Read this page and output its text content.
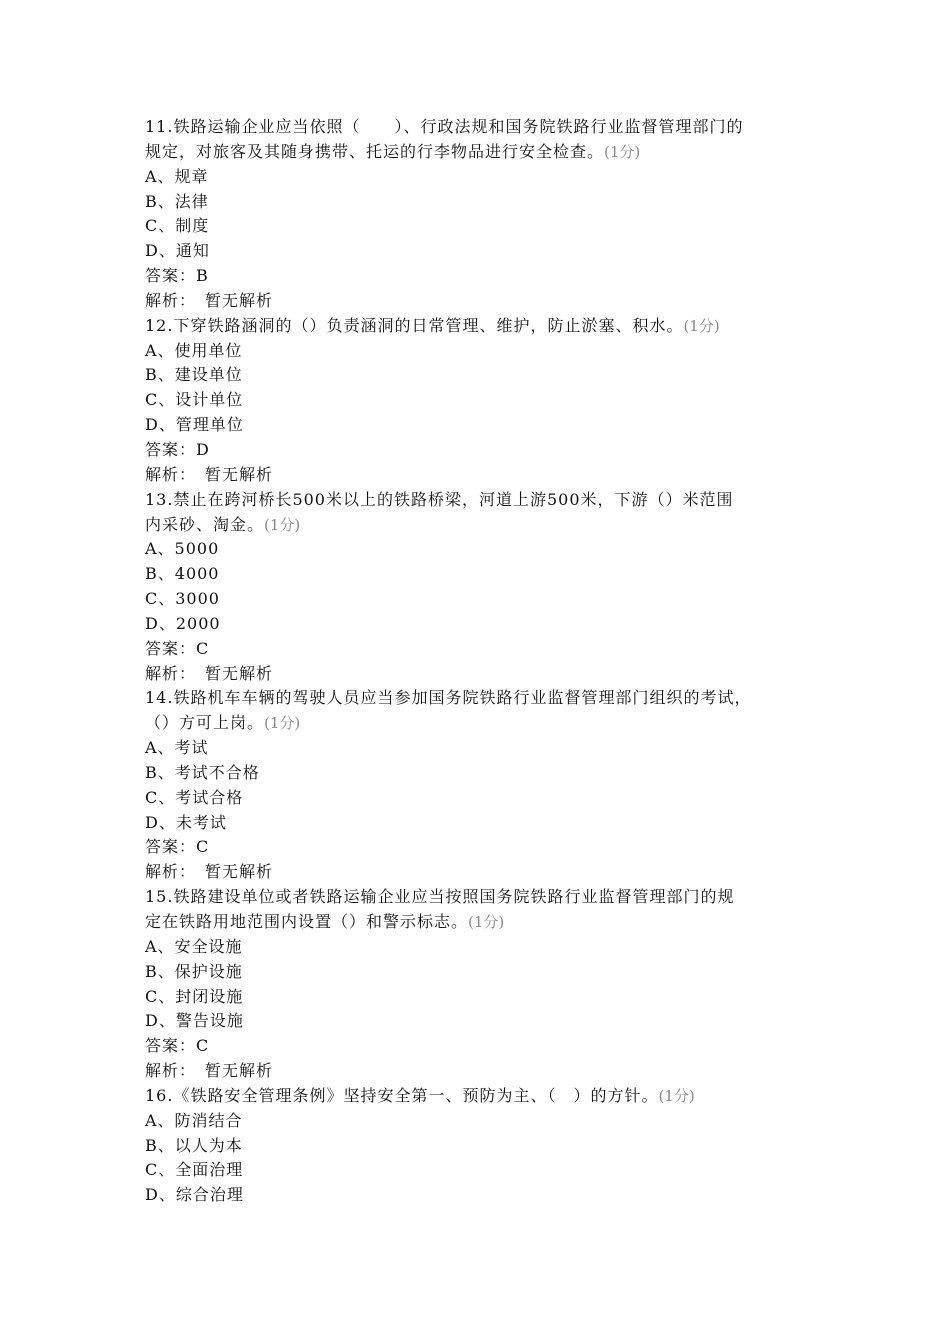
11.铁路运输企业应当依照（　　）、行政法规和国务院铁路行业监督管理部门的
规定，对旅客及其随身携带、托运的行李物品进行安全检查。(1分)
A、规章
B、法律
C、制度
D、通知
答案：B
解析：　暂无解析
12.下穿铁路涵洞的（）负责涵洞的日常管理、维护，防止淤塞、积水。(1分)
A、使用单位
B、建设单位
C、设计单位
D、管理单位
答案：D
解析：　暂无解析
13.禁止在跨河桥长500米以上的铁路桥梁，河道上游500米，下游（）米范围
内采砂、淘金。(1分)
A、5000
B、4000
C、3000
D、2000
答案：C
解析：　暂无解析
14.铁路机车车辆的驾驶人员应当参加国务院铁路行业监督管理部门组织的考试，
（）方可上岗。(1分)
A、考试
B、考试不合格
C、考试合格
D、未考试
答案：C
解析：　暂无解析
15.铁路建设单位或者铁路运输企业应当按照国务院铁路行业监督管理部门的规
定在铁路用地范围内设置（）和警示标志。(1分)
A、安全设施
B、保护设施
C、封闭设施
D、警告设施
答案：C
解析：　暂无解析
16.《铁路安全管理条例》坚持安全第一、预防为主、（　）的方针。(1分)
A、防消结合
B、以人为本
C、全面治理
D、综合治理
